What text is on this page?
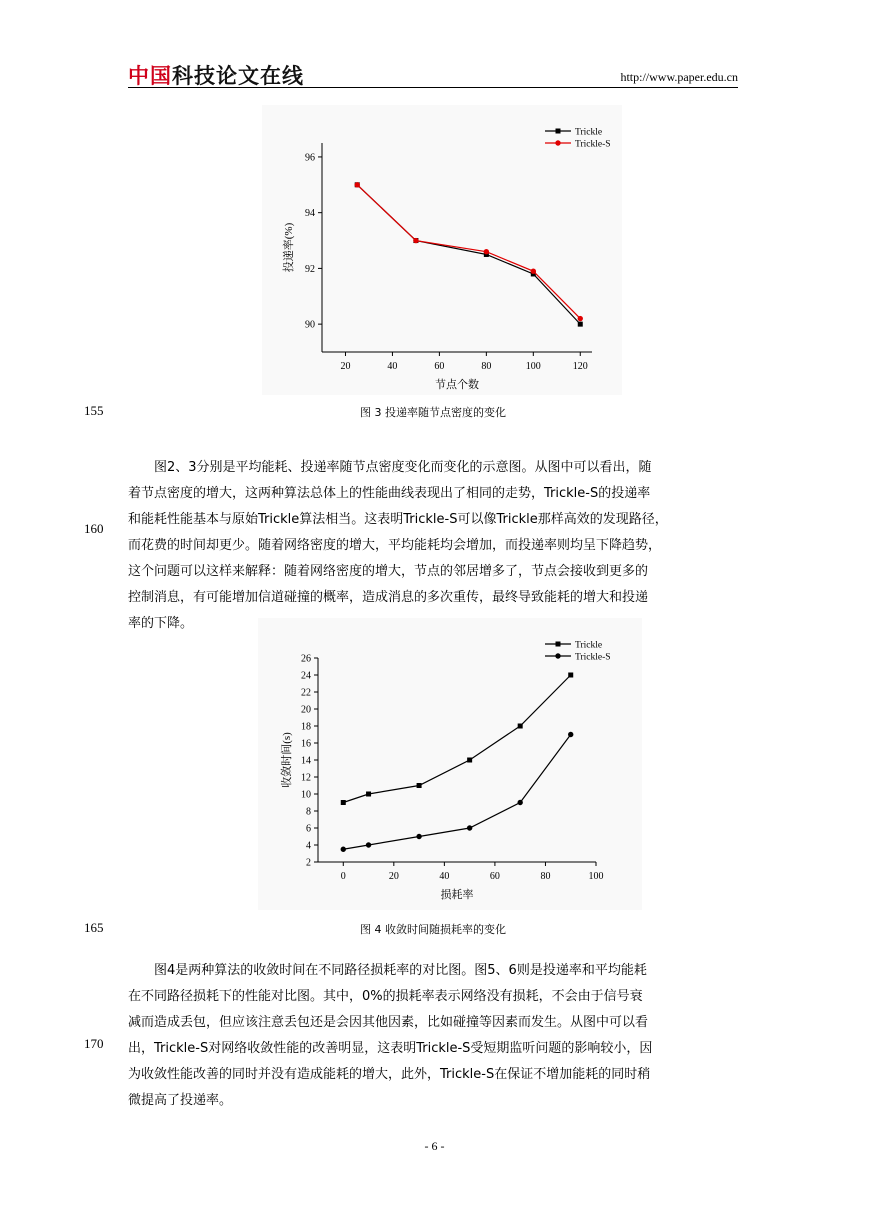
中国科技论文在线	http://www.paper.edu.cn
20	40	60	80	100	120
90
92
94
96
节点个数
投递率(%)
Trickle
Trickle-S
155	图 3 投递率随节点密度的变化
图2、3分别是平均能耗、投递率随节点密度变化而变化的示意图。从图中可以看出，随
着节点密度的增大，这两种算法总体上的性能曲线表现出了相同的走势，Trickle-S的投递率
和能耗性能基本与原始Trickle算法相当。这表明Trickle-S可以像Trickle那样高效的发现路径，
而花费的时间却更少。随着网络密度的增大，平均能耗均会增加，而投递率则均呈下降趋势，
这个问题可以这样来解释：随着网络密度的增大，节点的邻居增多了，节点会接收到更多的
控制消息，有可能增加信道碰撞的概率，造成消息的多次重传，最终导致能耗的增大和投递
率的下降。
160
0	20	40	60	80	100
2
4
6
8
10
12
14
16
18
20
22
24
26
损耗率
收敛时间(s)
Trickle
Trickle-S
165	图 4 收敛时间随损耗率的变化
图4是两种算法的收敛时间在不同路径损耗率的对比图。图5、6则是投递率和平均能耗
在不同路径损耗下的性能对比图。其中，0%的损耗率表示网络没有损耗，不会由于信号衰
减而造成丢包，但应该注意丢包还是会因其他因素，比如碰撞等因素而发生。从图中可以看
出，Trickle-S对网络收敛性能的改善明显，这表明Trickle-S受短期监听问题的影响较小，因
为收敛性能改善的同时并没有造成能耗的增大，此外，Trickle-S在保证不增加能耗的同时稍
微提高了投递率。
170
- 6 -
